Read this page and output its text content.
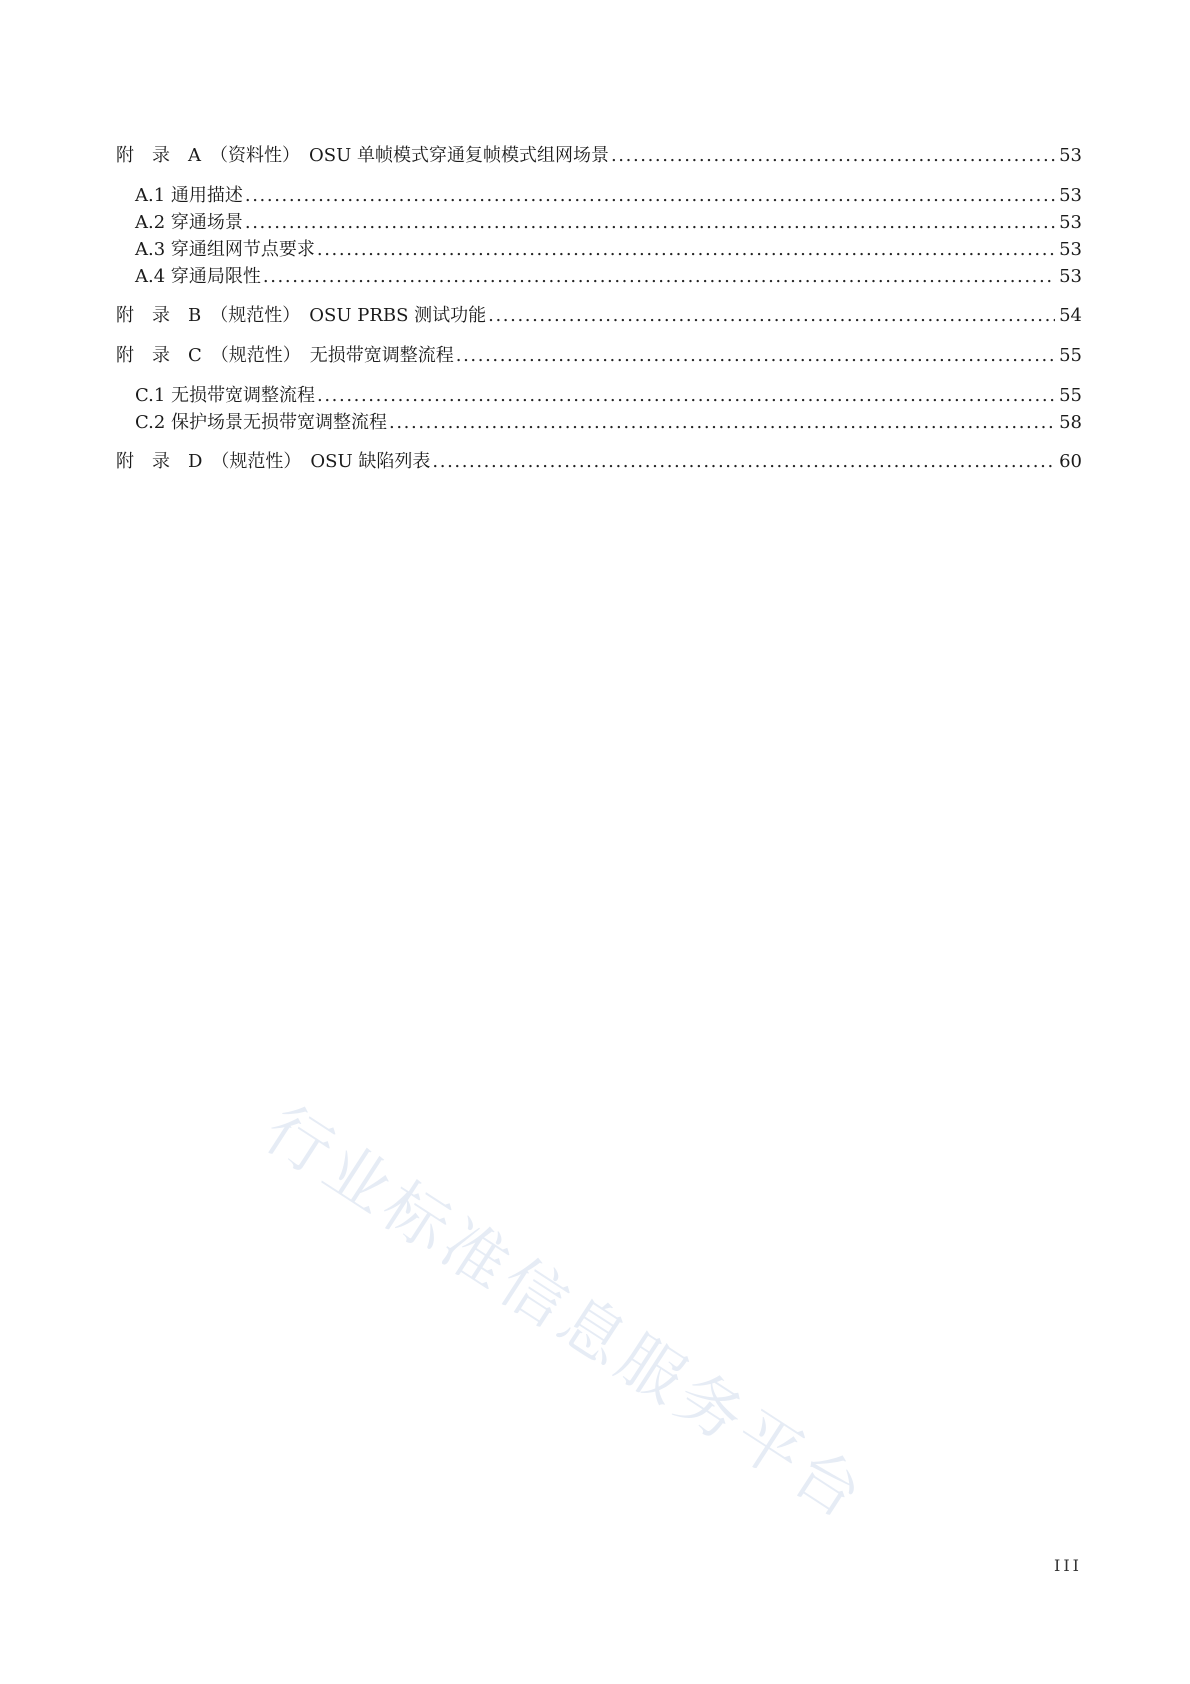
附　录　A　（资料性）　OSU 单帧模式穿通复帧模式组网场景 .....	53
A.1 通用描述 .....	53
A.2 穿通场景 .....	53
A.3 穿通组网节点要求 .....	53
A.4 穿通局限性 .....	53
附　录　B　（规范性）　OSU PRBS 测试功能 .....	54
附　录　C　（规范性）　无损带宽调整流程 .....	55
C.1 无损带宽调整流程 .....	55
C.2 保护场景无损带宽调整流程 .....	58
附　录　D　（规范性）　OSU 缺陷列表 .....	60
行业标准信息服务平台
III
